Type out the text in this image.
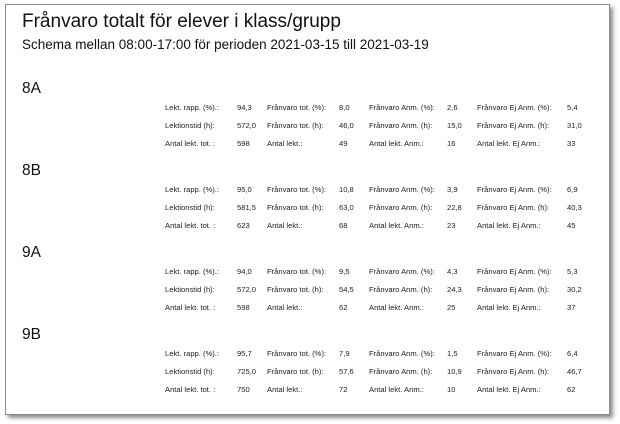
Frånvaro totalt för elever i klass/grupp
Schema mellan 08:00-17:00 för perioden 2021-03-15 till 2021-03-19
8A
Lekt. rapp. (%).: 94,3 Frånvaro tot. (%): 8,0	Frånvaro Anm. (%): 2,6	Frånvaro Ej Anm. (%): 5,4
Lektionstid (h):	572,0 Frånvaro tot. (h): 46,0 Frånvaro Anm. (h): 15,0 Frånvaro Ej Anm. (h): 31,0
Antal lekt. tot. :	598 Antal lekt.:	49	Antal lekt. Anm.:	16	Antal lekt. Ej Anm.:	33
8B
Lekt. rapp. (%).: 95,0 Frånvaro tot. (%): 10,8 Frånvaro Anm. (%): 3,9	Frånvaro Ej Anm. (%): 6,9
Lektionstid (h):	581,5 Frånvaro tot. (h): 63,0 Frånvaro Anm. (h): 22,8 Frånvaro Ej Anm. (h): 40,3
Antal lekt. tot. :	623 Antal lekt.:	68	Antal lekt. Anm.:	23	Antal lekt. Ej Anm.:	45
9A
Lekt. rapp. (%).: 94,0 Frånvaro tot. (%): 9,5	Frånvaro Anm. (%): 4,3	Frånvaro Ej Anm. (%): 5,3
Lektionstid (h):	572,0 Frånvaro tot. (h): 54,5 Frånvaro Anm. (h): 24,3 Frånvaro Ej Anm. (h): 30,2
Antal lekt. tot. :	598 Antal lekt.:	62	Antal lekt. Anm.:	25	Antal lekt. Ej Anm.:	37
9B
Lekt. rapp. (%).: 95,7 Frånvaro tot. (%): 7,9	Frånvaro Anm. (%): 1,5	Frånvaro Ej Anm. (%): 6,4
Lektionstid (h):	725,0 Frånvaro tot. (h): 57,6 Frånvaro Anm. (h): 10,9 Frånvaro Ej Anm. (h): 46,7
Antal lekt. tot. :	750 Antal lekt.:	72	Antal lekt. Anm.:	10	Antal lekt. Ej Anm.:	62
